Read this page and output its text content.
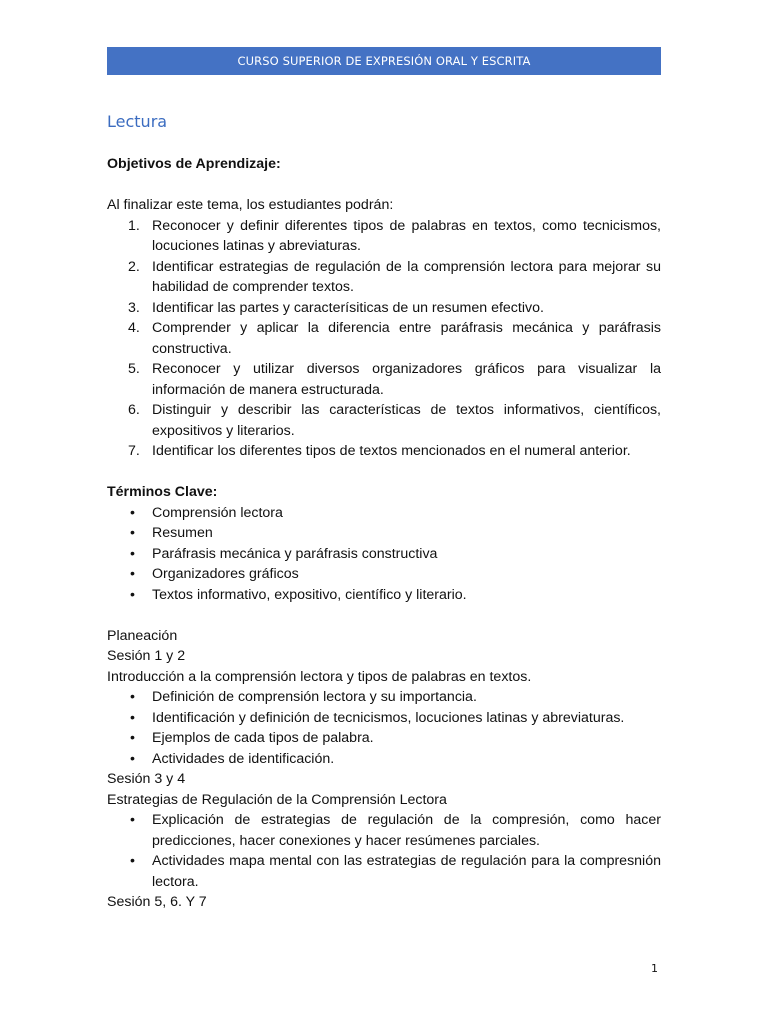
CURSO SUPERIOR DE EXPRESIÓN ORAL Y ESCRITA
Lectura

Objetivos de Aprendizaje:

Al finalizar este tema, los estudiantes podrán:

1. Reconocer y definir diferentes tipos de palabras en textos, como tecnicismos, locuciones latinas y abreviaturas.
2. Identificar estrategias de regulación de la comprensión lectora para mejorar su habilidad de comprender textos.
3. Identificar las partes y caracterísiticas de un resumen efectivo.
4. Comprender y aplicar la diferencia entre paráfrasis mecánica y paráfrasis constructiva.
5. Reconocer y utilizar diversos organizadores gráficos para visualizar la información de manera estructurada.
6. Distinguir y describir las características de textos informativos, científicos, expositivos y literarios.
7. Identificar los diferentes tipos de textos mencionados en el numeral anterior.

Términos Clave:

• Comprensión lectora
• Resumen
• Paráfrasis mecánica y paráfrasis constructiva
• Organizadores gráficos
• Textos informativo, expositivo, científico y literario.

Planeación

Sesión 1 y 2

Introducción a la comprensión lectora y tipos de palabras en textos.

• Definición de comprensión lectora y su importancia.
• Identificación y definición de tecnicismos, locuciones latinas y abreviaturas.
• Ejemplos de cada tipos de palabra.
• Actividades de identificación.

Sesión 3 y 4

Estrategias de Regulación de la Comprensión Lectora

• Explicación de estrategias de regulación de la compresión, como hacer predicciones, hacer conexiones y hacer resúmenes parciales.
• Actividades mapa mental con las estrategias de regulación para la compresnión lectora.

Sesión 5, 6. Y 7

1
